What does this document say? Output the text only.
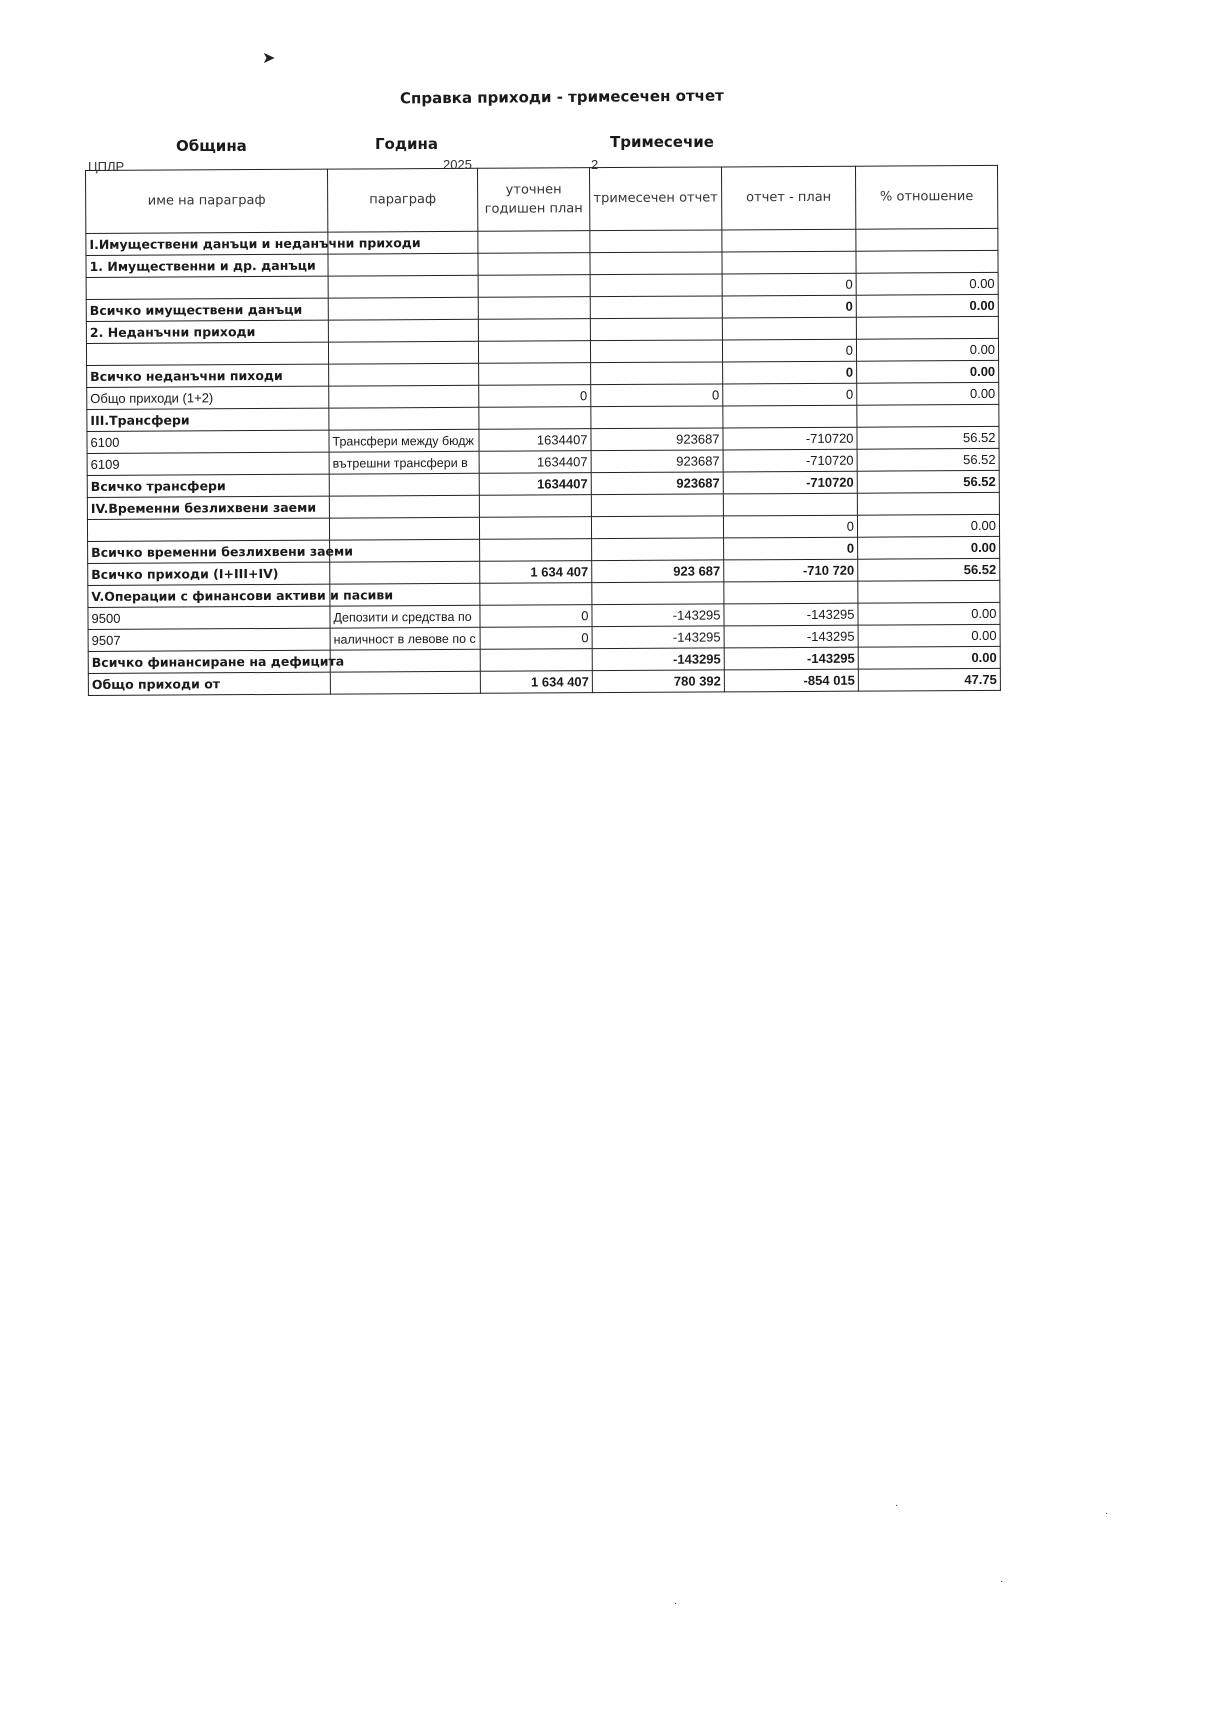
➤
Справка приходи - тримесечен отчет
Община	Година	Тримесечие
ЦПЛР	2025	2
име на параграф	параграф	уточнен годишен план	тримесечен отчет	отчет - план	% отношение
I.Имуществени данъци и неданъчни приходи					
1. Имущественни и др. данъци					
				0	0.00
Всичко имуществени данъци				0	0.00
2. Неданъчни приходи					
				0	0.00
Всичко неданъчни пиходи				0	0.00
Общо приходи (1+2)		0	0	0	0.00
III.Трансфери					
6100	Трансфери между бюдж	1634407	923687	-710720	56.52
6109	вътрешни трансфери в	1634407	923687	-710720	56.52
Всичко трансфери		1634407	923687	-710720	56.52
IV.Временни безлихвени заеми					
				0	0.00
Всичко временни безлихвени заеми				0	0.00
Всичко приходи (I+III+IV)		1 634 407	923 687	-710 720	56.52
V.Операции с финансови активи и пасиви					
9500	Депозити и средства по	0	-143295	-143295	0.00
9507	наличност в левове по с	0	-143295	-143295	0.00
Всичко финансиране на дефицита			-143295	-143295	0.00
Общо приходи от		1 634 407	780 392	-854 015	47.75
·
·
·
·
